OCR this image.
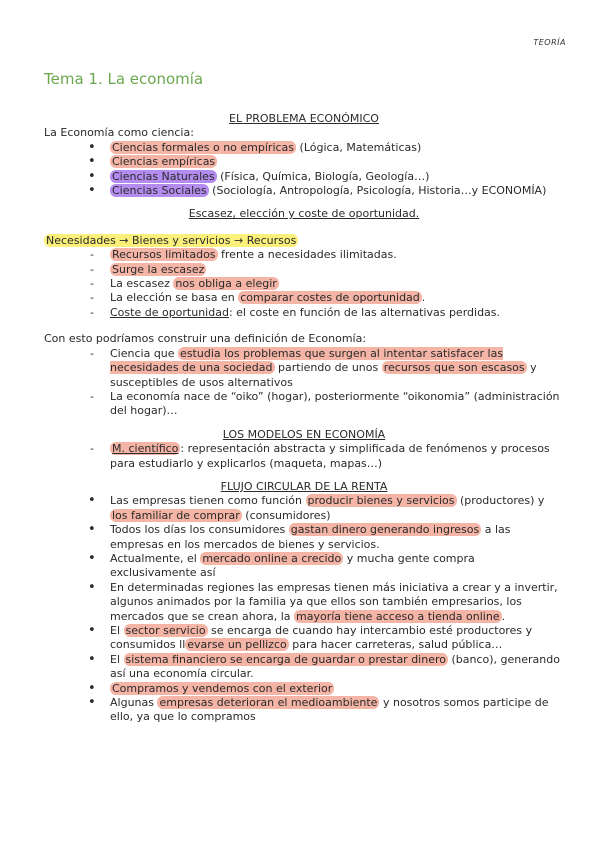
TEORÍA
Tema 1. La economía

EL PROBLEMA ECONÓMICO

La Economía como ciencia:

• Ciencias formales o no empíricas (Lógica, Matemáticas)
• Ciencias empíricas
• Ciencias Naturales (Física, Química, Biología, Geología…)
• Ciencias Sociales (Sociología, Antropología, Psicología, Historia…y ECONOMÍA)

Escasez, elección y coste de oportunidad.

Necesidades → Bienes y servicios → Recursos

- Recursos limitados frente a necesidades ilimitadas.
- Surge la escasez
- La escasez nos obliga a elegir
- La elección se basa en comparar costes de oportunidad .
- Coste de oportunidad: el coste en función de las alternativas perdidas.

Con esto podríamos construir una definición de Economía:

- Ciencia que estudia los problemas que surgen al intentar satisfacer las necesidades de una sociedad partiendo de unos recursos que son escasos y susceptibles de usos alternativos
- La economía nace de “oiko” (hogar), posteriormente “oikonomia” (administración del hogar)…

LOS MODELOS EN ECONOMÍA

- M. científico : representación abstracta y simplificada de fenómenos y procesos para estudiarlo y explicarlos (maqueta, mapas…)

FLUJO CIRCULAR DE LA RENTA

• Las empresas tienen como función producir bienes y servicios (productores) y los familiar de comprar (consumidores)
• Todos los días los consumidores gastan dinero generando ingresos a las empresas en los mercados de bienes y servicios.
• Actualmente, el mercado online a crecido y mucha gente compra exclusivamente así
• En determinadas regiones las empresas tienen más iniciativa a crear y a invertir, algunos animados por la familia ya que ellos son también empresarios, los mercados que se crean ahora, la mayoría tiene acceso a tienda online .
• El sector servicio se encarga de cuando hay intercambio esté productores y consumidos ll evarse un pellizco para hacer carreteras, salud pública…
• El sistema financiero se encarga de guardar o prestar dinero (banco), generando así una economía circular.
• Compramos y vendemos con el exterior
• Algunas empresas deterioran el medioambiente y nosotros somos participe de ello, ya que lo compramos
